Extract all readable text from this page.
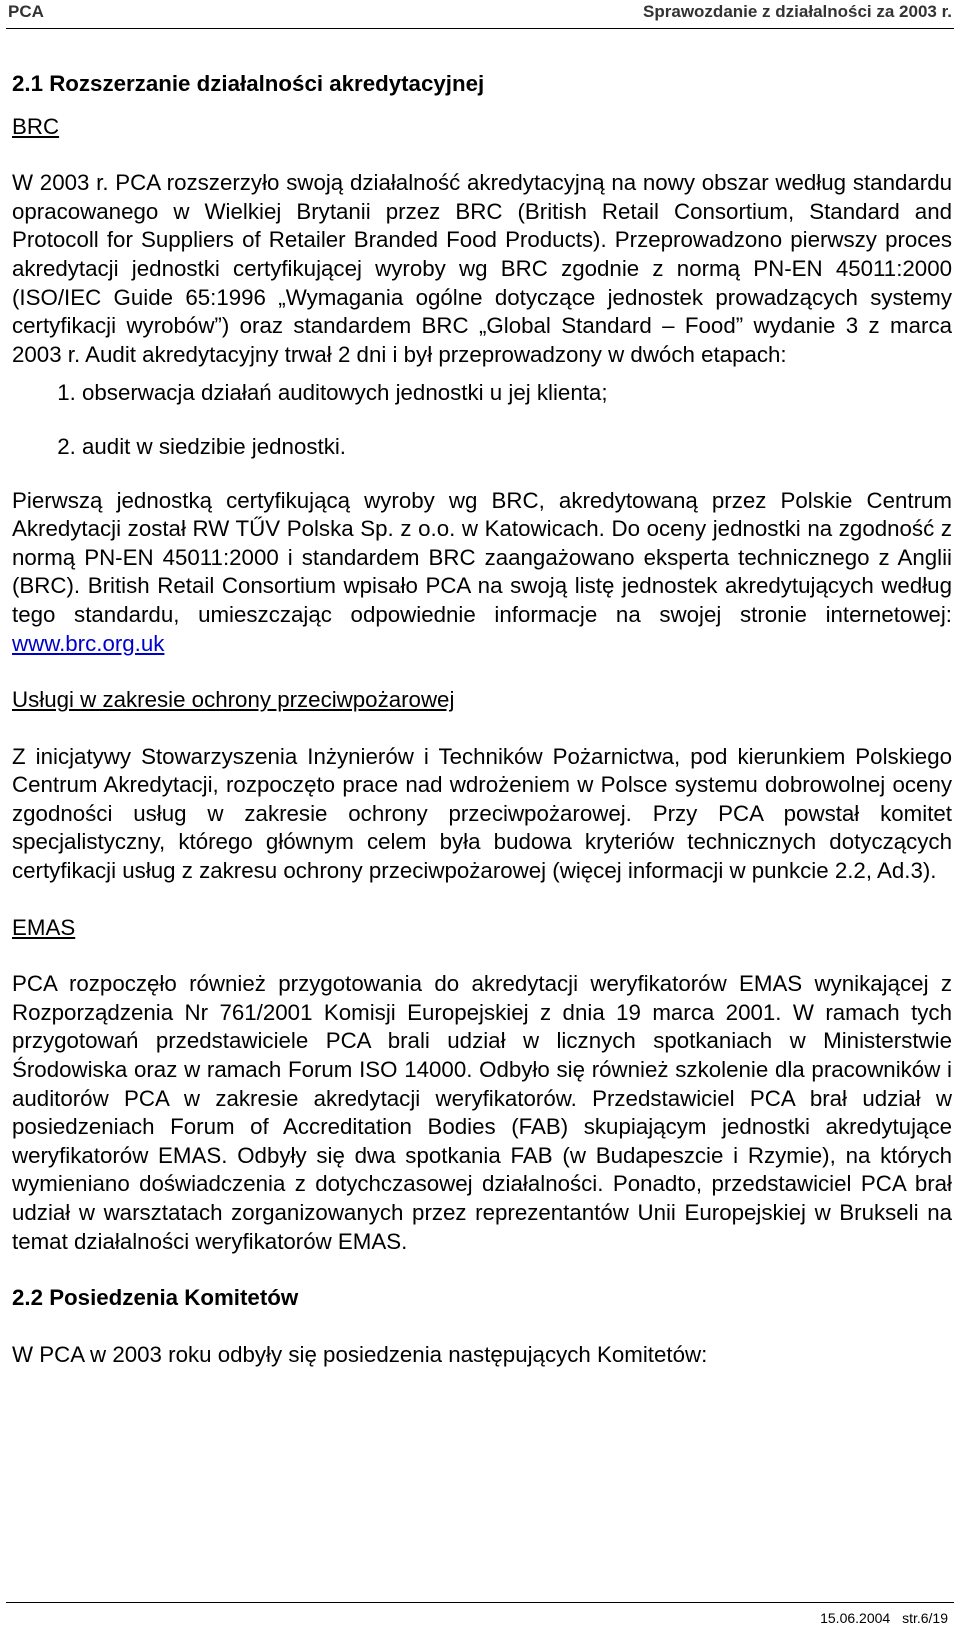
PCA	Sprawozdanie z działalności za 2003 r.
2.1 Rozszerzanie działalności akredytacyjnej
BRC

W 2003 r. PCA rozszerzyło swoją działalność akredytacyjną na nowy obszar według standardu opracowanego w Wielkiej Brytanii przez BRC (British Retail Consortium, Standard and Protocoll for Suppliers of Retailer Branded Food Products). Przeprowadzono pierwszy proces akredytacji jednostki certyfikującej wyroby wg BRC zgodnie z normą PN-EN 45011:2000 (ISO/IEC Guide 65:1996 „Wymagania ogólne dotyczące jednostek prowadzących systemy certyfikacji wyrobów”) oraz standardem BRC „Global Standard – Food” wydanie 3 z marca 2003 r. Audit akredytacyjny trwał 2 dni i był przeprowadzony w dwóch etapach:

1. obserwacja działań auditowych jednostki u jej klienta;
2. audit w siedzibie jednostki.

Pierwszą jednostką certyfikującą wyroby wg BRC, akredytowaną przez Polskie Centrum Akredytacji został RW TŰV Polska Sp. z o.o. w Katowicach. Do oceny jednostki na zgodność z normą PN-EN 45011:2000 i standardem BRC zaangażowano eksperta technicznego z Anglii (BRC). British Retail Consortium wpisało PCA na swoją listę jednostek akredytujących według tego standardu, umieszczając odpowiednie informacje na swojej stronie internetowej: www.brc.org.uk

Usługi w zakresie ochrony przeciwpożarowej

Z inicjatywy Stowarzyszenia Inżynierów i Techników Pożarnictwa, pod kierunkiem Polskiego Centrum Akredytacji, rozpoczęto prace nad wdrożeniem w Polsce systemu dobrowolnej oceny zgodności usług w zakresie ochrony przeciwpożarowej. Przy PCA powstał komitet specjalistyczny, którego głównym celem była budowa kryteriów technicznych dotyczących certyfikacji usług z zakresu ochrony przeciwpożarowej (więcej informacji w punkcie 2.2, Ad.3).

EMAS

PCA rozpoczęło również przygotowania do akredytacji weryfikatorów EMAS wynikającej z Rozporządzenia Nr 761/2001 Komisji Europejskiej z dnia 19 marca 2001. W ramach tych przygotowań przedstawiciele PCA brali udział w licznych spotkaniach w Ministerstwie Środowiska oraz w ramach Forum ISO 14000. Odbyło się również szkolenie dla pracowników i auditorów PCA w zakresie akredytacji weryfikatorów. Przedstawiciel PCA brał udział w posiedzeniach Forum of Accreditation Bodies (FAB) skupiającym jednostki akredytujące weryfikatorów EMAS. Odbyły się dwa spotkania FAB (w Budapeszcie i Rzymie), na których wymieniano doświadczenia z dotychczasowej działalności. Ponadto, przedstawiciel PCA brał udział w warsztatach zorganizowanych przez reprezentantów Unii Europejskiej w Brukseli na temat działalności weryfikatorów EMAS.

2.2 Posiedzenia Komitetów

W PCA w 2003 roku odbyły się posiedzenia następujących Komitetów:

15.06.2004 str.6/19
